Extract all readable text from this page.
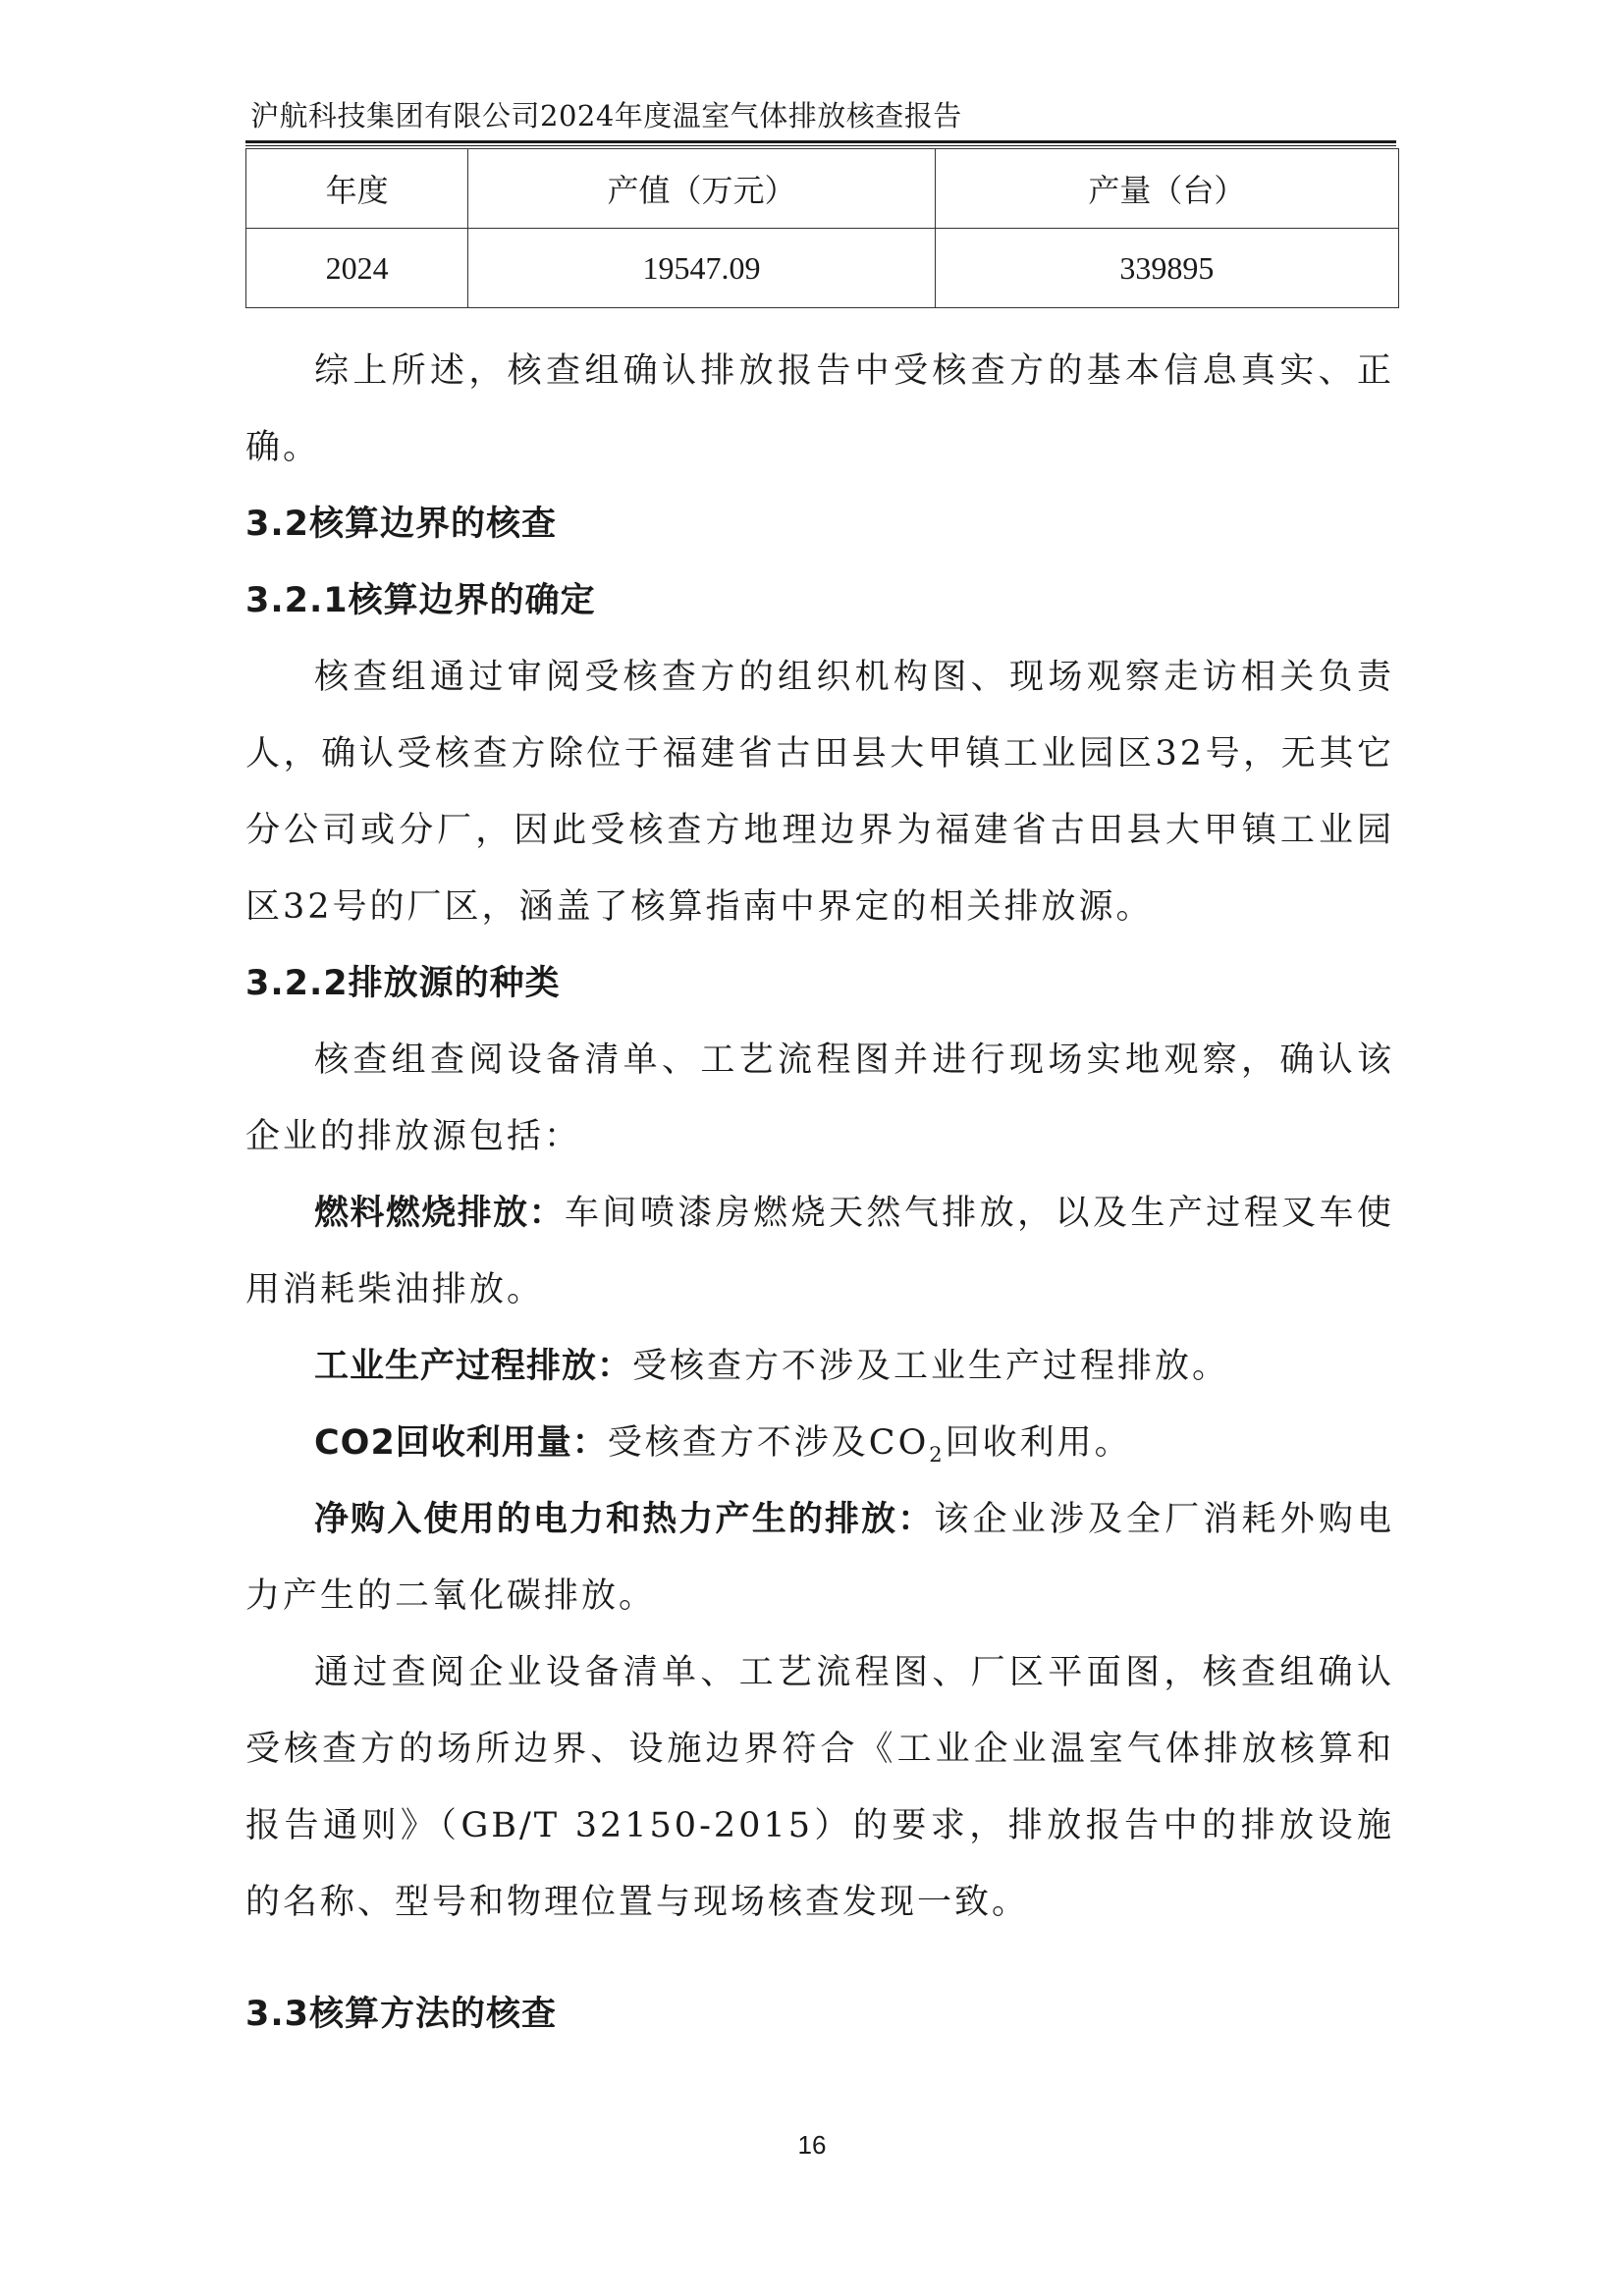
沪航科技集团有限公司2024年度温室气体排放核查报告
年度	产值（万元）	产量（台）
2024	19547.09	339895

综上所述，核查组确认排放报告中受核查方的基本信息真实、正确。

3.2核算边界的核查

3.2.1核算边界的确定

核查组通过审阅受核查方的组织机构图、现场观察走访相关负责人，确认受核查方除位于福建省古田县大甲镇工业园区32号，无其它分公司或分厂，因此受核查方地理边界为福建省古田县大甲镇工业园区32号的厂区，涵盖了核算指南中界定的相关排放源。

3.2.2排放源的种类

核查组查阅设备清单、工艺流程图并进行现场实地观察，确认该企业的排放源包括：

燃料燃烧排放：车间喷漆房燃烧天然气排放，以及生产过程叉车使用消耗柴油排放。

工业生产过程排放：受核查方不涉及工业生产过程排放。

CO2回收利用量：受核查方不涉及$CO_2$回收利用。

净购入使用的电力和热力产生的排放：该企业涉及全厂消耗外购电力产生的二氧化碳排放。

通过查阅企业设备清单、工艺流程图、厂区平面图，核查组确认受核查方的场所边界、设施边界符合《工业企业温室气体排放核算和报告通则》（GB/T 32150-2015）的要求，排放报告中的排放设施的名称、型号和物理位置与现场核查发现一致。

3.3核算方法的核查

16
